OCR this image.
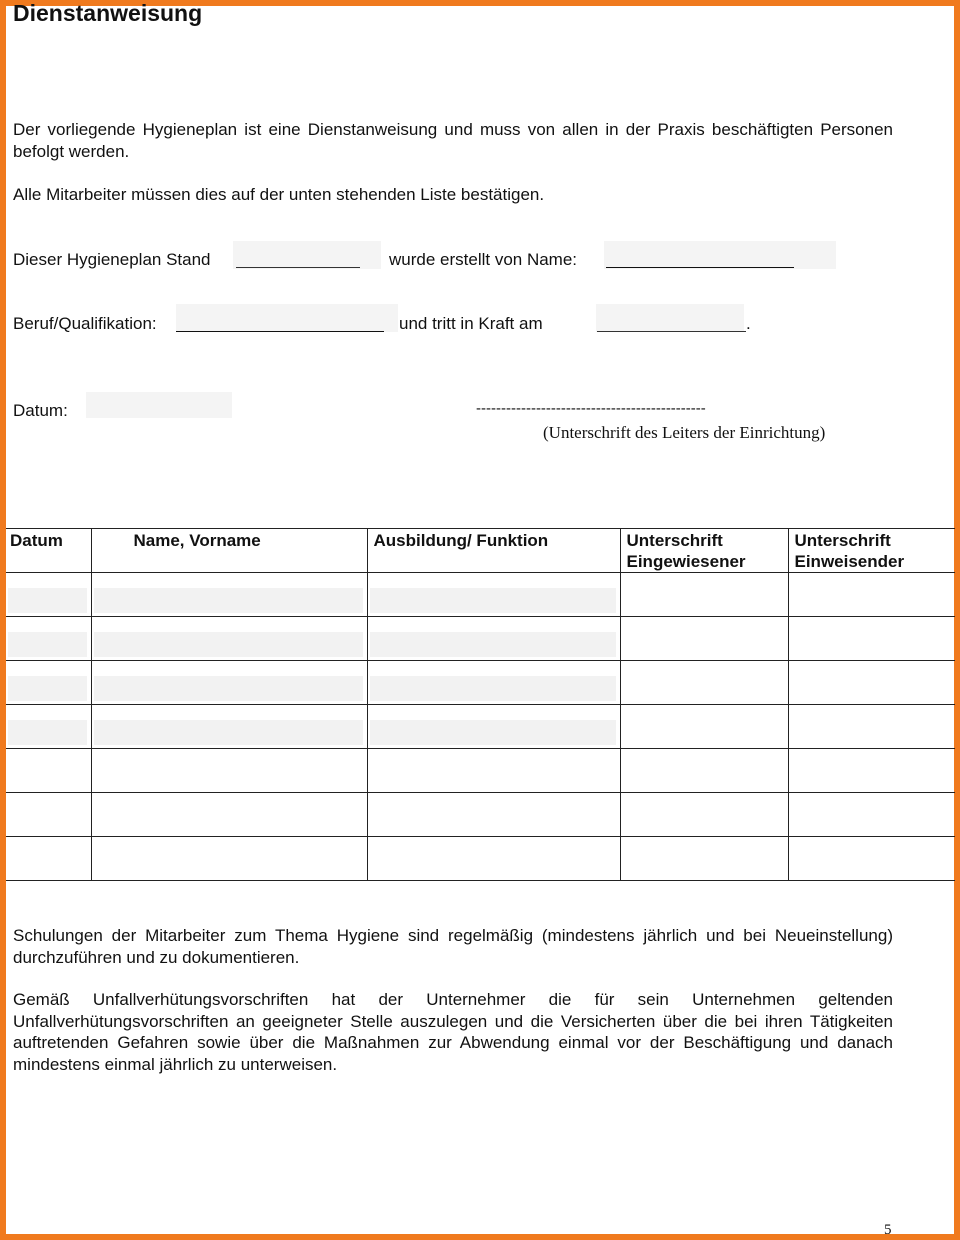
Dienstanweisung
Der vorliegende Hygieneplan ist eine Dienstanweisung und muss von allen in der Praxis beschäftigten Personen befolgt werden.
Alle Mitarbeiter müssen dies auf der unten stehenden Liste bestätigen.
Dieser Hygieneplan Stand	wurde erstellt von Name:
Beruf/Qualifikation:	und tritt in Kraft am	.
Datum:	----------------------------------------------
(Unterschrift des Leiters der Einrichtung)
Datum	Name, Vorname	Ausbildung/ Funktion	Unterschrift Eingewiesener	Unterschrift Einweisender

Schulungen der Mitarbeiter zum Thema Hygiene sind regelmäßig (mindestens jährlich und bei Neueinstellung) durchzuführen und zu dokumentieren.
Gemäß Unfallverhütungsvorschriften hat der Unternehmer die für sein Unternehmen geltenden Unfallverhütungsvorschriften an geeigneter Stelle auszulegen und die Versicherten über die bei ihren Tätigkeiten auftretenden Gefahren sowie über die Maßnahmen zur Abwendung einmal vor der Beschäftigung und danach mindestens einmal jährlich zu unterweisen.
5
